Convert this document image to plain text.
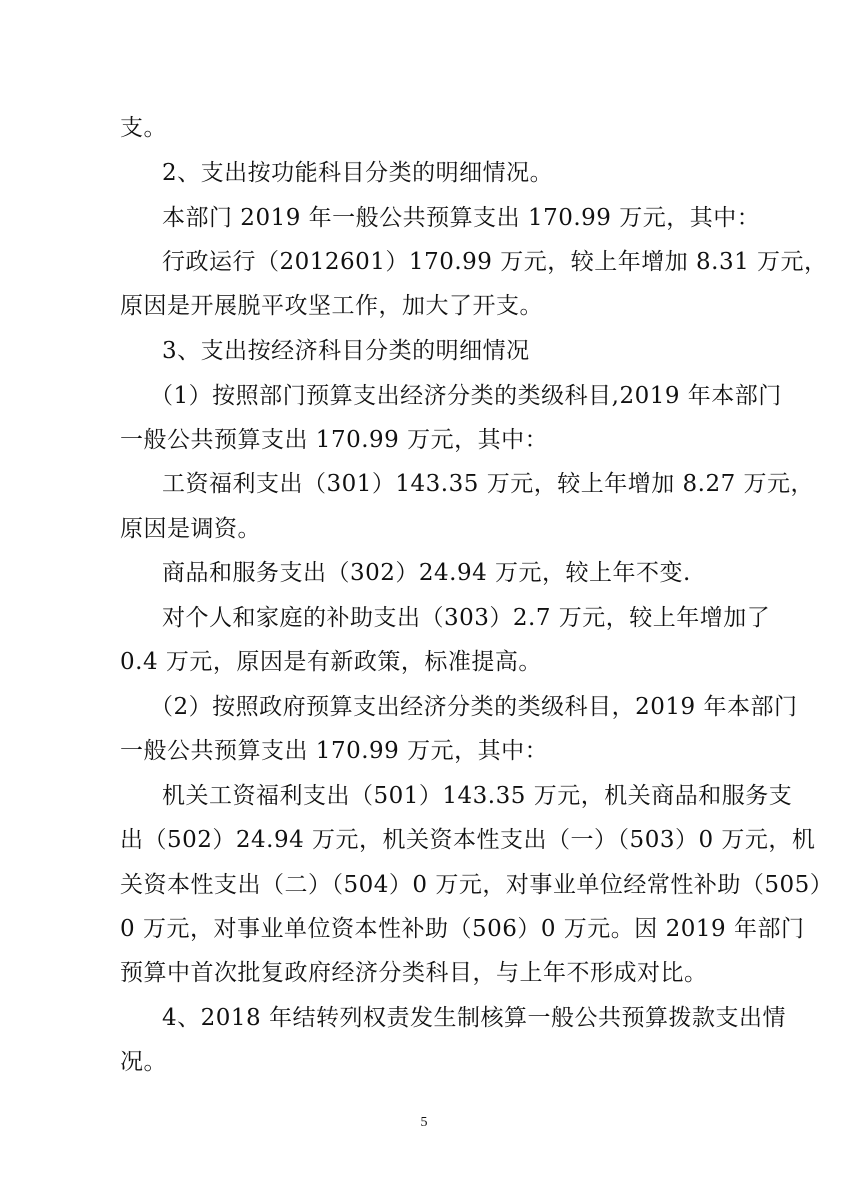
支。
2、支出按功能科目分类的明细情况。
本部门 2019 年一般公共预算支出 170.99 万元，其中：
行政运行（2012601）170.99 万元，较上年增加 8.31 万元，
原因是开展脱平攻坚工作，加大了开支。
3、支出按经济科目分类的明细情况
（1）按照部门预算支出经济分类的类级科目,2019 年本部门
一般公共预算支出 170.99 万元，其中：
工资福利支出（301）143.35 万元，较上年增加 8.27 万元，
原因是调资。
商品和服务支出（302）24.94 万元，较上年不变.
对个人和家庭的补助支出（303）2.7 万元，较上年增加了
0.4 万元，原因是有新政策，标准提高。
（2）按照政府预算支出经济分类的类级科目，2019 年本部门
一般公共预算支出 170.99 万元，其中：
机关工资福利支出（501）143.35 万元，机关商品和服务支
出（502）24.94 万元，机关资本性支出（一）（503）0 万元，机
关资本性支出（二）（504）0 万元，对事业单位经常性补助（505）
0 万元，对事业单位资本性补助（506）0 万元。因 2019 年部门
预算中首次批复政府经济分类科目，与上年不形成对比。
4、2018 年结转列权责发生制核算一般公共预算拨款支出情
况。
5
